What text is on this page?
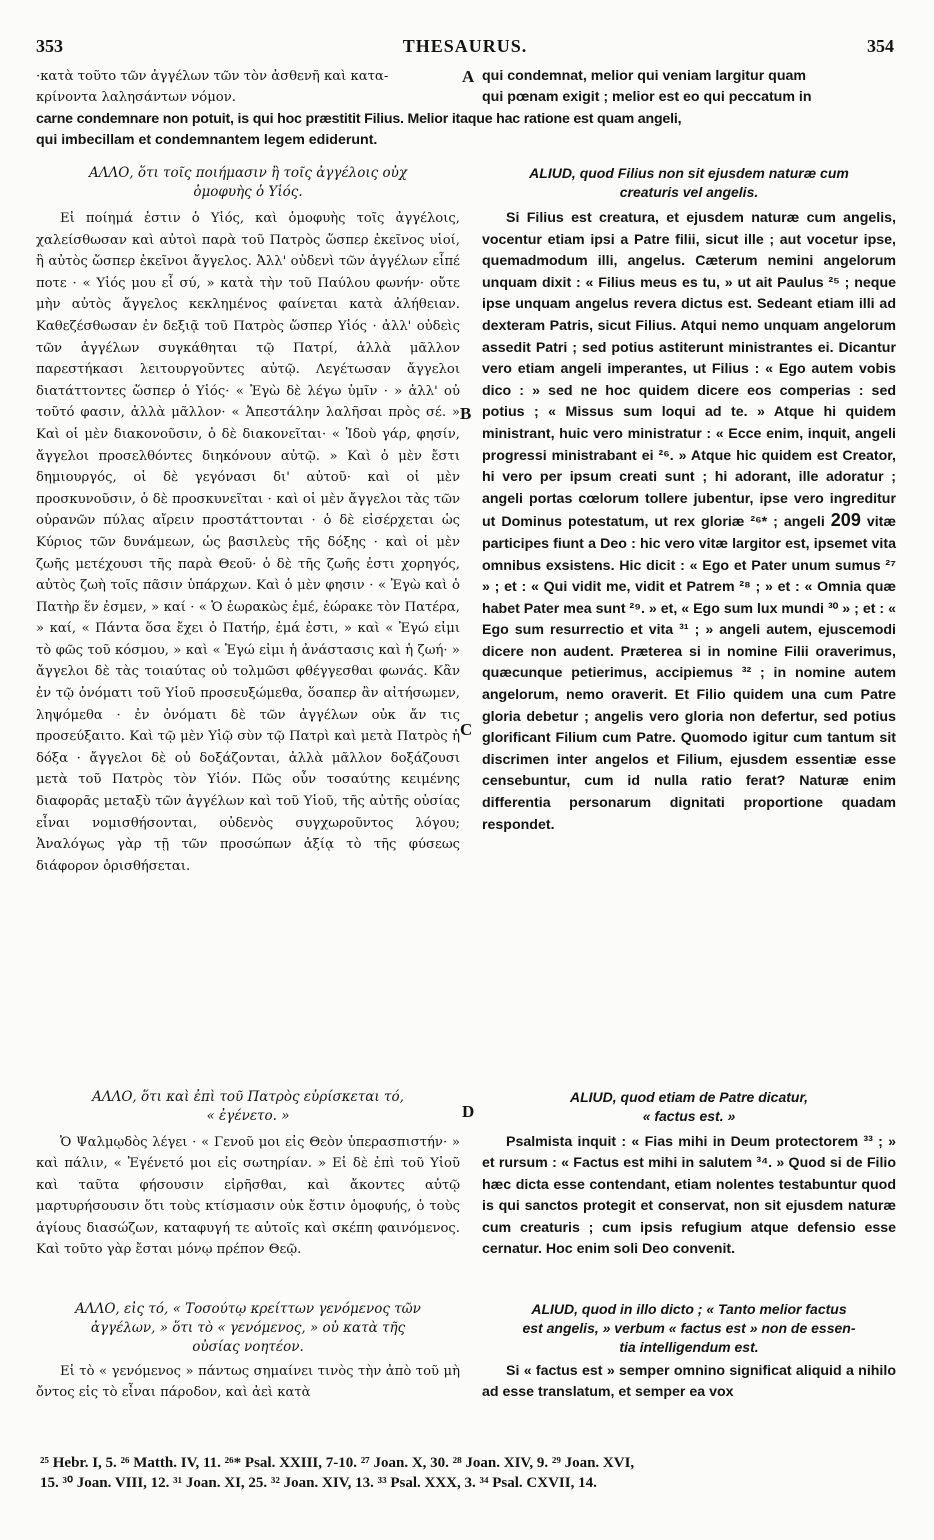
353	THESAURUS.	354

·κατὰ τοῦτο τῶν ἀγγέλων τῶν τὸν ἀσθενῆ καὶ κατα-

κρίνοντα λαλησάντων νόμον.

A qui condemnat, melior qui veniam largitur quam

qui pœnam exigit ; melior est eo qui peccatum in

carne condemnare non potuit, is qui hoc præstitit Filius. Melior itaque hac ratione est quam angeli,

qui imbecillam et condemnantem legem ediderunt.

ΑΛΛΟ, ὅτι τοῖς ποιήμασιν ἢ τοῖς ἀγγέλοις οὐχ

ὁμοφυὴς ὁ Υἱός.

Εἰ ποίημά ἐστιν ὁ Υἱός, καὶ ὁμοφυὴς τοῖς ἀγγέλοις, χαλείσθωσαν καὶ αὐτοὶ παρὰ τοῦ Πατρὸς ὥσπερ ἐκεῖνος υἱοί, ἢ αὐτὸς ὥσπερ ἐκεῖνοι ἄγγελος. Ἀλλ' οὐδενὶ τῶν ἀγγέλων εἶπέ ποτε · « Υἱός μου εἶ σύ, » κατὰ τὴν τοῦ Παύλου φωνήν· οὔτε μὴν αὐτὸς ἄγγελος κεκλημένος φαίνεται κατὰ ἀλήθειαν. Καθεζέσθωσαν ἐν δεξιᾷ τοῦ Πατρὸς ὥσπερ Υἱός · ἀλλ' οὐδεὶς τῶν ἀγγέλων συγκάθηται τῷ Πατρί, ἀλλὰ μᾶλλον παρεστήκασι λειτουργοῦντες αὐτῷ. Λεγέτωσαν ἄγγελοι διατάττοντες ὥσπερ ὁ Υἱός· « Ἐγὼ δὲ λέγω ὑμῖν · » ἀλλ' οὐ τοῦτό φασιν, ἀλλὰ μᾶλλον· « Ἀπεστάλην λαλῆσαι πρὸς σέ. » Καὶ οἱ μὲν διακονοῦσιν, ὁ δὲ διακονεῖται· « Ἰδοὺ γάρ, φησίν, ἄγγελοι προσελθόντες διηκόνουν αὐτῷ. » Καὶ ὁ μὲν ἔστι δημιουργός, οἱ δὲ γεγόνασι δι' αὐτοῦ· καὶ οἱ μὲν προσκυνοῦσιν, ὁ δὲ προσκυνεῖται · καὶ οἱ μὲν ἄγγελοι τὰς τῶν οὐρανῶν πύλας αἴρειν προστάττονται · ὁ δὲ εἰσέρχεται ὡς Κύριος τῶν δυνάμεων, ὡς βασιλεὺς τῆς δόξης · καὶ οἱ μὲν ζωῆς μετέχουσι τῆς παρὰ Θεοῦ· ὁ δὲ τῆς ζωῆς ἐστι χορηγός, αὐτὸς ζωὴ τοῖς πᾶσιν ὑπάρχων. Καὶ ὁ μὲν φησιν · « Ἐγὼ καὶ ὁ Πατὴρ ἕν ἐσμεν, » καί · « Ὁ ἑωρακὼς ἐμέ, ἑώρακε τὸν Πατέρα, » καί, « Πάντα ὅσα ἔχει ὁ Πατήρ, ἐμά ἐστι, » καὶ « Ἐγώ εἰμι τὸ φῶς τοῦ κόσμου, » καὶ « Ἐγώ εἰμι ἡ ἀνάστασις καὶ ἡ ζωή· » ἄγγελοι δὲ τὰς τοιαύτας οὐ τολμῶσι φθέγγεσθαι φωνάς. Κἂν ἐν τῷ ὀνόματι τοῦ Υἱοῦ προσευξώμεθα, ὅσαπερ ἂν αἰτήσωμεν, ληψόμεθα · ἐν ὀνόματι δὲ τῶν ἀγγέλων οὐκ ἄν τις προσεύξαιτο. Καὶ τῷ μὲν Υἱῷ σὺν τῷ Πατρὶ καὶ μετὰ Πατρὸς ἡ δόξα · ἄγγελοι δὲ οὐ δοξάζονται, ἀλλὰ μᾶλλον δοξάζουσι μετὰ τοῦ Πατρὸς τὸν Υἱόν. Πῶς οὖν τοσαύτης κειμένης διαφορᾶς μεταξὺ τῶν ἀγγέλων καὶ τοῦ Υἱοῦ, τῆς αὐτῆς οὐσίας εἶναι νομισθήσονται, οὐδενὸς συγχωροῦντος λόγου; Ἀναλόγως γὰρ τῇ τῶν προσώπων ἀξίᾳ τὸ τῆς φύσεως διάφορον ὁρισθήσεται.

B
C

ALIUD, quod Filius non sit ejusdem naturæ cum

creaturis vel angelis.

Si Filius est creatura, et ejusdem naturæ cum angelis, vocentur etiam ipsi a Patre filii, sicut ille ; aut vocetur ipse, quemadmodum illi, angelus. Cæterum nemini angelorum unquam dixit : « Filius meus es tu, » ut ait Paulus ²⁵ ; neque ipse unquam angelus revera dictus est. Sedeant etiam illi ad dexteram Patris, sicut Filius. Atqui nemo unquam angelorum assedit Patri ; sed potius astiterunt ministrantes ei. Dicantur vero etiam angeli imperantes, ut Filius : « Ego autem vobis dico : » sed ne hoc quidem dicere eos comperias : sed potius ; « Missus sum loqui ad te. » Atque hi quidem ministrant, huic vero ministratur : « Ecce enim, inquit, angeli progressi ministrabant ei ²⁶. » Atque hic quidem est Creator, hi vero per ipsum creati sunt ; hi adorant, ille adoratur ; angeli portas cœlorum tollere jubentur, ipse vero ingreditur ut Dominus potestatum, ut rex gloriæ ²⁶* ; angeli 209 vitæ participes fiunt a Deo : hic vero vitæ largitor est, ipsemet vita omnibus exsistens. Hic dicit : « Ego et Pater unum sumus ²⁷ » ; et : « Qui vidit me, vidit et Patrem ²⁸ ; » et : « Omnia quæ habet Pater mea sunt ²⁹. » et, « Ego sum lux mundi ³⁰ » ; et : « Ego sum resurrectio et vita ³¹ ; » angeli autem, ejuscemodi dicere non audent. Præterea si in nomine Filii oraverimus, quæcunque petierimus, accipiemus ³² ; in nomine autem angelorum, nemo oraverit. Et Filio quidem una cum Patre gloria debetur ; angelis vero gloria non defertur, sed potius glorificant Filium cum Patre. Quomodo igitur cum tantum sit discrimen inter angelos et Filium, ejusdem essentiæ esse censebuntur, cum id nulla ratio ferat? Naturæ enim differentia personarum dignitati proportione quadam respondet.

ΑΛΛΟ, ὅτι καὶ ἐπὶ τοῦ Πατρὸς εὑρίσκεται τό,

« ἐγένετο. »

Ὁ Ψαλμῳδὸς λέγει · « Γενοῦ μοι εἰς Θεὸν ὑπερασπιστήν· » καὶ πάλιν, « Ἐγένετό μοι εἰς σωτηρίαν. » Εἰ δὲ ἐπὶ τοῦ Υἱοῦ καὶ ταῦτα φήσουσιν εἰρῆσθαι, καὶ ἄκοντες αὐτῷ μαρτυρήσουσιν ὅτι τοὺς κτίσμασιν οὐκ ἔστιν ὁμοφυής, ὁ τοὺς ἁγίους διασώζων, καταφυγή τε αὐτοῖς καὶ σκέπη φαινόμενος. Καὶ τοῦτο γὰρ ἔσται μόνῳ πρέπον Θεῷ.

D

ALIUD, quod etiam de Patre dicatur,

« factus est. »

Psalmista inquit : « Fias mihi in Deum protectorem ³³ ; » et rursum : « Factus est mihi in salutem ³⁴. » Quod si de Filio hæc dicta esse contendant, etiam nolentes testabuntur quod is qui sanctos protegit et conservat, non sit ejusdem naturæ cum creaturis ; cum ipsis refugium atque defensio esse cernatur. Hoc enim soli Deo convenit.

ΑΛΛΟ, εἰς τό, « Τοσούτῳ κρείττων γενόμενος τῶν

ἀγγέλων, » ὅτι τὸ « γενόμενος, » οὐ κατὰ τῆς

οὐσίας νοητέον.

Εἰ τὸ « γενόμενος » πάντως σημαίνει τινὸς τὴν ἀπὸ τοῦ μὴ ὄντος εἰς τὸ εἶναι πάροδον, καὶ ἀεὶ κατὰ

ALIUD, quod in illo dicto ; « Tanto melior factus

est angelis, » verbum « factus est » non de essen-

tia intelligendum est.

Si « factus est » semper omnino significat aliquid a nihilo ad esse translatum, et semper ea vox

²⁵ Hebr. I, 5. ²⁶ Matth. IV, 11. ²⁶* Psal. XXIII, 7-10. ²⁷ Joan. X, 30. ²⁸ Joan. XIV, 9. ²⁹ Joan. XVI,

15. ³⁰ Joan. VIII, 12. ³¹ Joan. XI, 25. ³² Joan. XIV, 13. ³³ Psal. XXX, 3. ³⁴ Psal. CXVII, 14.
